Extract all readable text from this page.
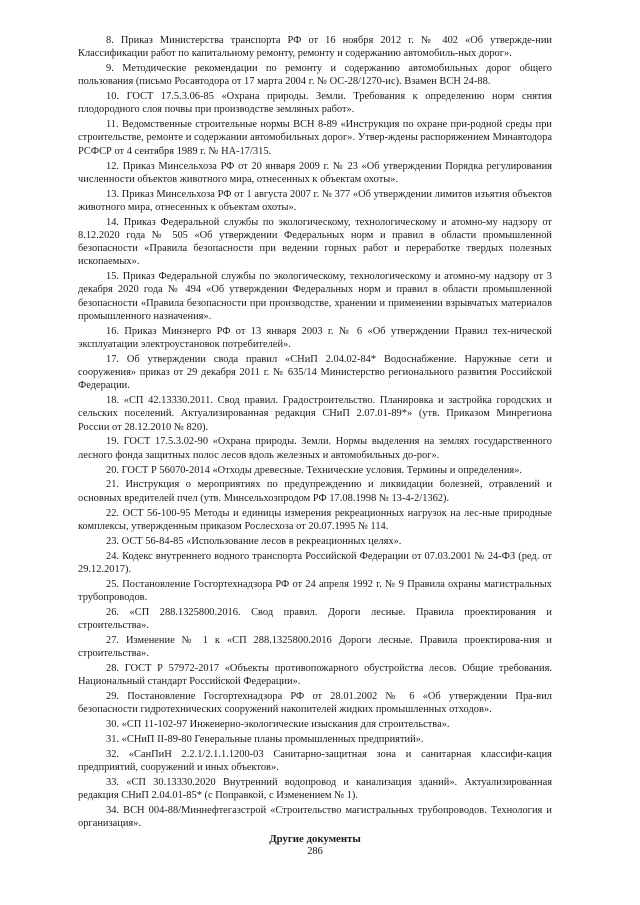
8. Приказ Министерства транспорта РФ от 16 ноября 2012 г. № 402 «Об утвержде-нии Классификации работ по капитальному ремонту, ремонту и содержанию автомобиль-ных дорог».

9. Методические рекомендации по ремонту и содержанию автомобильных дорог общего пользования (письмо Росавтодора от 17 марта 2004 г. № ОС-28/1270-ис). Взамен ВСН 24-88.

10. ГОСТ 17.5.3.06-85 «Охрана природы. Земли. Требования к определению норм снятия плодородного слоя почвы при производстве земляных работ».

11. Ведомственные строительные нормы ВСН 8-89 «Инструкция по охране при-родной среды при строительстве, ремонте и содержании автомобильных дорог». Утвер-ждены распоряжением Минавтодора РСФСР от 4 сентября 1989 г. № НА-17/315.

12. Приказ Минсельхоза РФ от 20 января 2009 г. № 23 «Об утверждении Порядка регулирования численности объектов животного мира, отнесенных к объектам охоты».

13. Приказ Минсельхоза РФ от 1 августа 2007 г. № 377 «Об утверждении лимитов изъятия объектов животного мира, отнесенных к объектам охоты».

14. Приказ Федеральной службы по экологическому, технологическому и атомно-му надзору от 8.12.2020 года № 505 «Об утверждении Федеральных норм и правил в области промышленной безопасности «Правила безопасности при ведении горных работ и переработке твердых полезных ископаемых».

15. Приказ Федеральной службы по экологическому, технологическому и атомно-му надзору от 3 декабря 2020 года № 494 «Об утверждении Федеральных норм и правил в области промышленной безопасности «Правила безопасности при производстве, хранении и применении взрывчатых материалов промышленного назначения».

16. Приказ Минэнерго РФ от 13 января 2003 г. № 6 «Об утверждении Правил тех-нической эксплуатации электроустановок потребителей».

17. Об утверждении свода правил «СНиП 2.04.02-84* Водоснабжение. Наружные сети и сооружения» приказ от 29 декабря 2011 г. № 635/14 Министерство регионального развития Российской Федерации.

18. «СП 42.13330.2011. Свод правил. Градостроительство. Планировка и застройка городских и сельских поселений. Актуализированная редакция СНиП 2.07.01-89*» (утв. Приказом Минрегиона России от 28.12.2010 № 820).

19. ГОСТ 17.5.3.02-90 «Охрана природы. Земли. Нормы выделения на землях государственного лесного фонда защитных полос лесов вдоль железных и автомобильных до-рог».

20. ГОСТ Р 56070-2014 «Отходы древесные. Технические условия. Термины и определения».

21. Инструкция о мероприятиях по предупреждению и ликвидации болезней, отравлений и основных вредителей пчел (утв. Минсельхозпродом РФ 17.08.1998 № 13-4-2/1362).

22. ОСТ 56-100-95 Методы и единицы измерения рекреационных нагрузок на лес-ные природные комплексы, утвержденным приказом Рослесхоза от 20.07.1995 № 114.

23. ОСТ 56-84-85 «Использование лесов в рекреационных целях».

24. Кодекс внутреннего водного транспорта Российской Федерации от 07.03.2001 № 24-ФЗ (ред. от 29.12.2017).

25. Постановление Госгортехнадзора РФ от 24 апреля 1992 г. № 9 Правила охраны магистральных трубопроводов.

26. «СП 288.1325800.2016. Свод правил. Дороги лесные. Правила проектирования и строительства».

27. Изменение № 1 к «СП 288.1325800.2016 Дороги лесные. Правила проектирова-ния и строительства».

28. ГОСТ Р 57972-2017 «Объекты противопожарного обустройства лесов. Общие требования. Национальный стандарт Российской Федерации».

29. Постановление Госгортехнадзора РФ от 28.01.2002 № 6 «Об утверждении Пра-вил безопасности гидротехнических сооружений накопителей жидких промышленных отходов».

30. «СП 11-102-97 Инженерно-экологические изыскания для строительства».

31. «СНиП II-89-80 Генеральные планы промышленных предприятий».

32. «СанПиН 2.2.1/2.1.1.1200-03 Санитарно-защитная зона и санитарная классифи-кация предприятий, сооружений и иных объектов».

33. «СП 30.13330.2020 Внутренний водопровод и канализация зданий». Актуализированная редакция СНиП 2.04.01-85* (с Поправкой, с Изменением № 1).

34. ВСН 004-88/Миннефтегазстрой «Строительство магистральных трубопроводов. Технология и организация».

Другие документы

286
